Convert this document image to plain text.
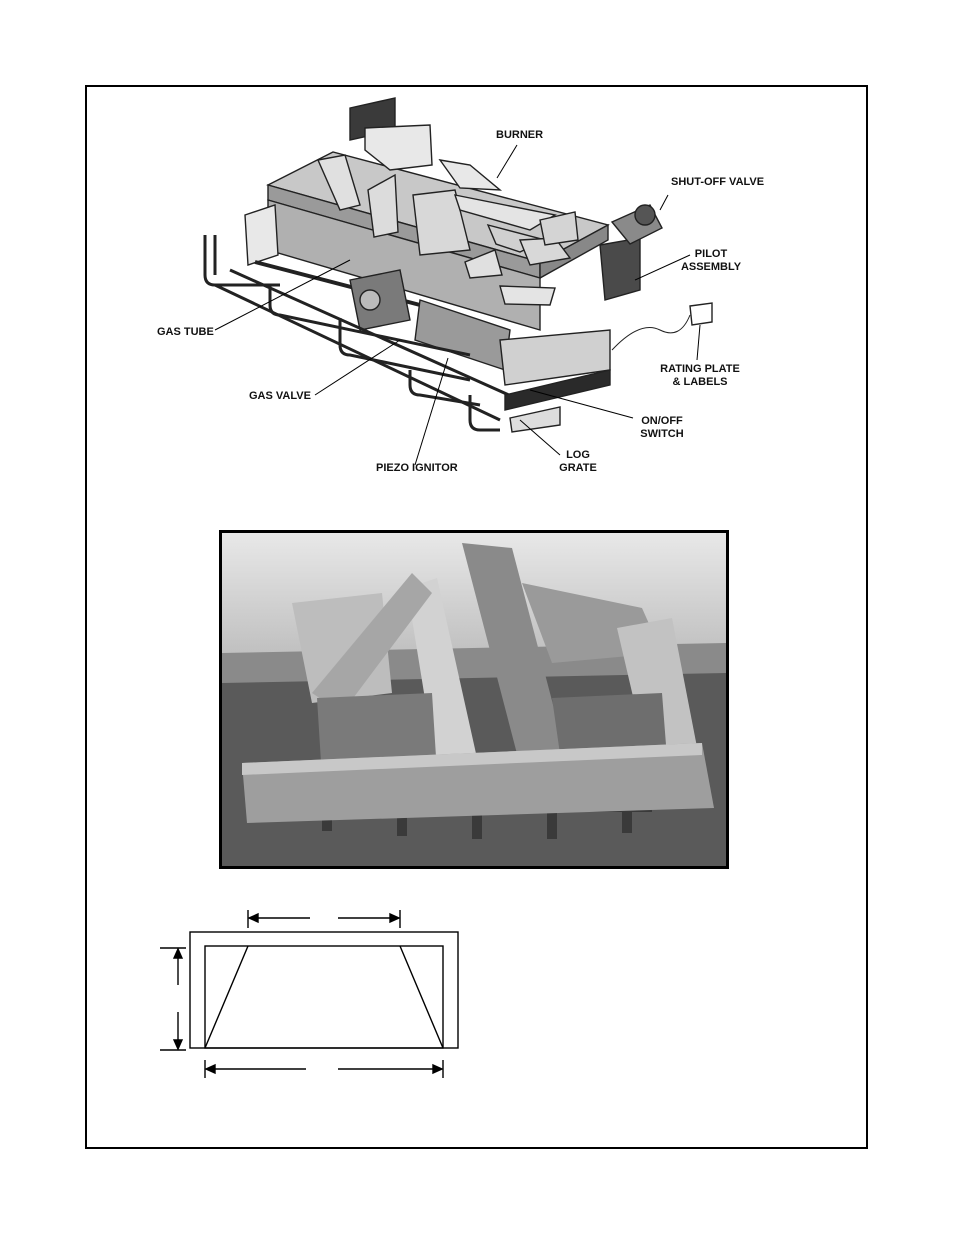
BURNER
SHUT-OFF VALVE
PILOT
ASSEMBLY
GAS TUBE
RATING PLATE
& LABELS
GAS VALVE
ON/OFF
SWITCH
LOG
GRATE
PIEZO IGNITOR
